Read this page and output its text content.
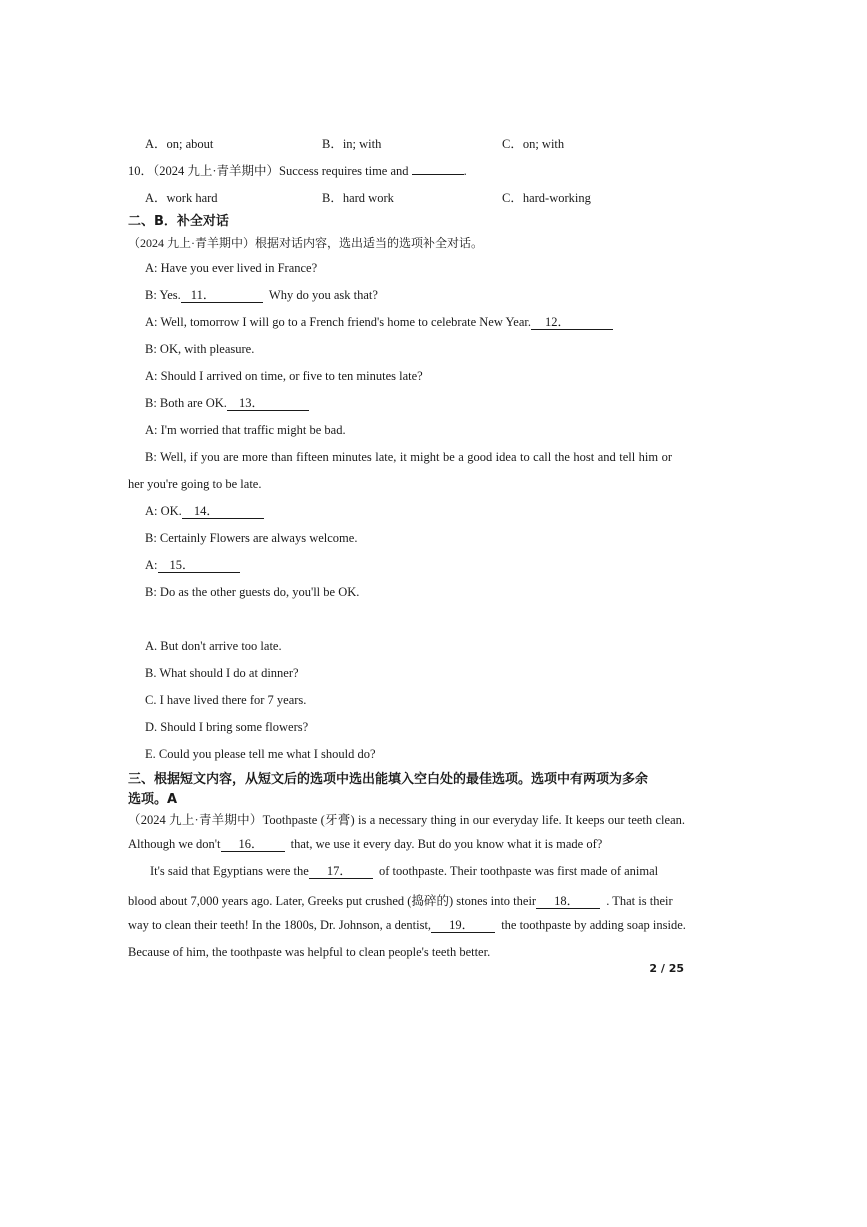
A．on; about	B．in; with	C．on; with
10．（2024 九上·青羊期中）Success requires time and	.
A．work hard	B．hard work	C．hard-working
二、B．补全对话
（2024 九上·青羊期中）根据对话内容，选出适当的选项补全对话。
A: Have you ever lived in France?
B: Yes. 11．	Why do you ask that?
A: Well, tomorrow I will go to a French friend's home to celebrate New Year. 12．
B: OK, with pleasure.
A: Should I arrived on time, or five to ten minutes late?
B: Both are OK. 13．
A: I'm worried that traffic might be bad.
B: Well, if you are more than fifteen minutes late, it might be a good idea to call the host and tell him or
her you're going to be late.
A: OK. 14．
B: Certainly Flowers are always welcome.
A: 15．
B: Do as the other guests do, you'll be OK.
A. But don't arrive too late.
B. What should I do at dinner?
C. I have lived there for 7 years.
D. Should I bring some flowers?
E. Could you please tell me what I should do?
三、根据短文内容，从短文后的选项中选出能填入空白处的最佳选项。选项中有两项为多余
选项。A
（2024 九上·青羊期中）Toothpaste (牙膏) is a necessary thing in our everyday life. It keeps our teeth clean.
Although we don't 16． that, we use it every day. But do you know what it is made of?
It's said that Egyptians were the 17． of toothpaste. Their toothpaste was first made of animal
blood about 7,000 years ago. Later, Greeks put crushed (捣碎的) stones into their 18． . That is their
way to clean their teeth! In the 1800s, Dr. Johnson, a dentist, 19． the toothpaste by adding soap inside.
Because of him, the toothpaste was helpful to clean people's teeth better.
2 / 25
